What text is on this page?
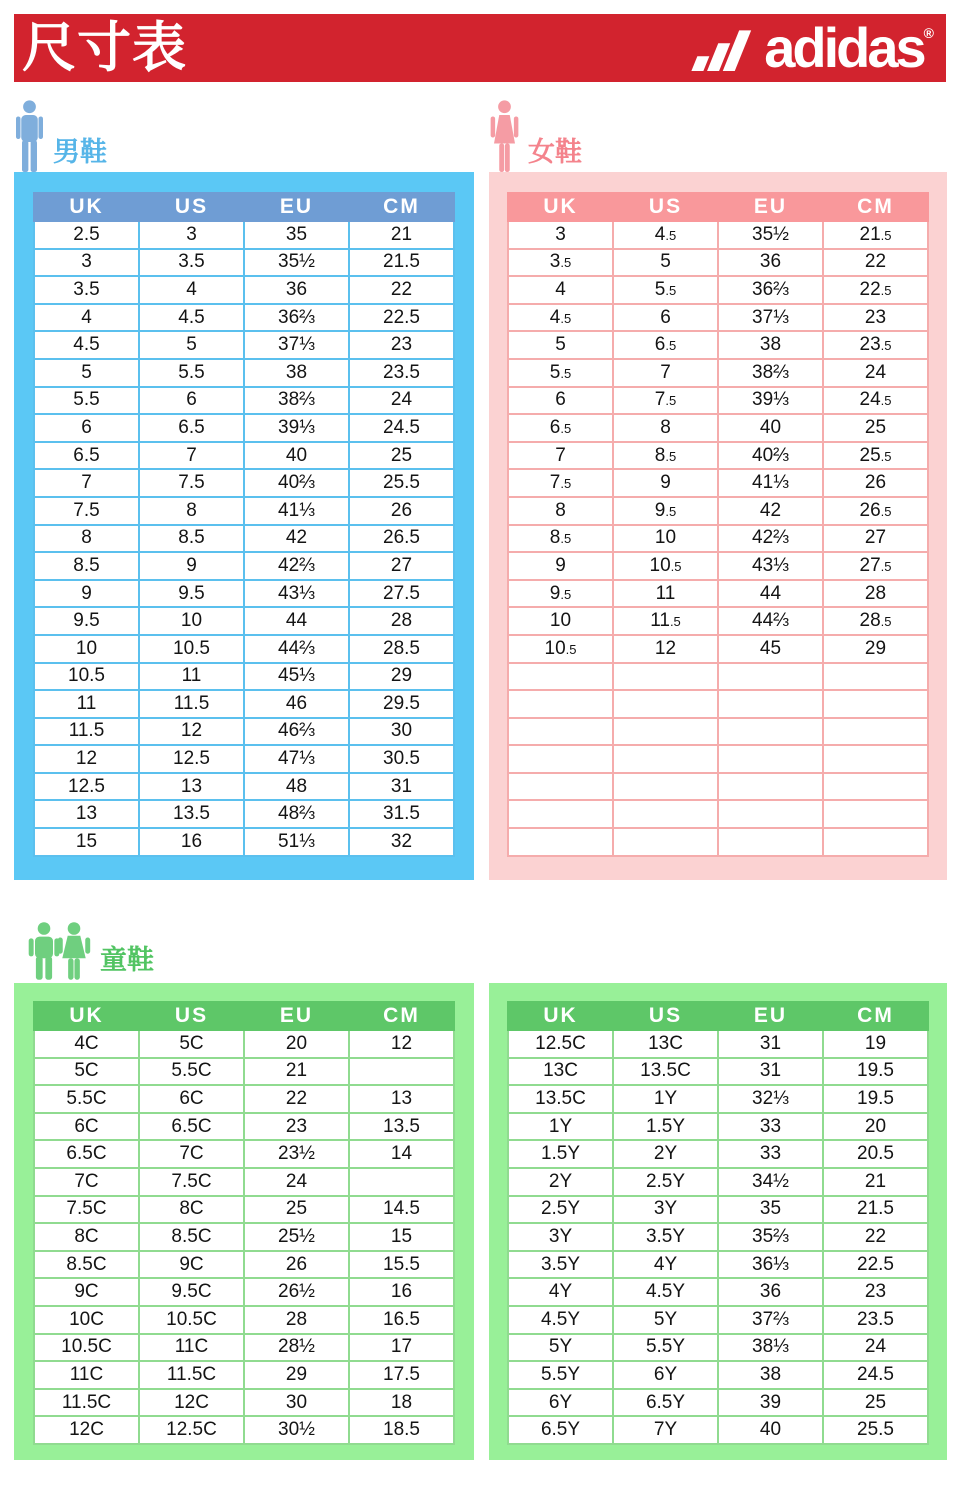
尺寸表	adidas ®
男鞋
UK	US	EU	CM
2.5	3	35	21
3	3.5	35½	21.5
3.5	4	36	22
4	4.5	36⅔	22.5
4.5	5	37⅓	23
5	5.5	38	23.5
5.5	6	38⅔	24
6	6.5	39⅓	24.5
6.5	7	40	25
7	7.5	40⅔	25.5
7.5	8	41⅓	26
8	8.5	42	26.5
8.5	9	42⅔	27
9	9.5	43⅓	27.5
9.5	10	44	28
10	10.5	44⅔	28.5
10.5	11	45⅓	29
11	11.5	46	29.5
11.5	12	46⅔	30
12	12.5	47⅓	30.5
12.5	13	48	31
13	13.5	48⅔	31.5
15	16	51⅓	32
女鞋
UK	US	EU	CM
3	4.5	35½	21.5
3.5	5	36	22
4	5.5	36⅔	22.5
4.5	6	37⅓	23
5	6.5	38	23.5
5.5	7	38⅔	24
6	7.5	39⅓	24.5
6.5	8	40	25
7	8.5	40⅔	25.5
7.5	9	41⅓	26
8	9.5	42	26.5
8.5	10	42⅔	27
9	10.5	43⅓	27.5
9.5	11	44	28
10	11.5	44⅔	28.5
10.5	12	45	29

童鞋
UK	US	EU	CM
4C	5C	20	12
5C	5.5C	21	
5.5C	6C	22	13
6C	6.5C	23	13.5
6.5C	7C	23½	14
7C	7.5C	24	
7.5C	8C	25	14.5
8C	8.5C	25½	15
8.5C	9C	26	15.5
9C	9.5C	26½	16
10C	10.5C	28	16.5
10.5C	11C	28½	17
11C	11.5C	29	17.5
11.5C	12C	30	18
12C	12.5C	30½	18.5
UK	US	EU	CM
12.5C	13C	31	19
13C	13.5C	31	19.5
13.5C	1Y	32⅓	19.5
1Y	1.5Y	33	20
1.5Y	2Y	33	20.5
2Y	2.5Y	34½	21
2.5Y	3Y	35	21.5
3Y	3.5Y	35⅔	22
3.5Y	4Y	36⅓	22.5
4Y	4.5Y	36	23
4.5Y	5Y	37⅔	23.5
5Y	5.5Y	38⅓	24
5.5Y	6Y	38	24.5
6Y	6.5Y	39	25
6.5Y	7Y	40	25.5
